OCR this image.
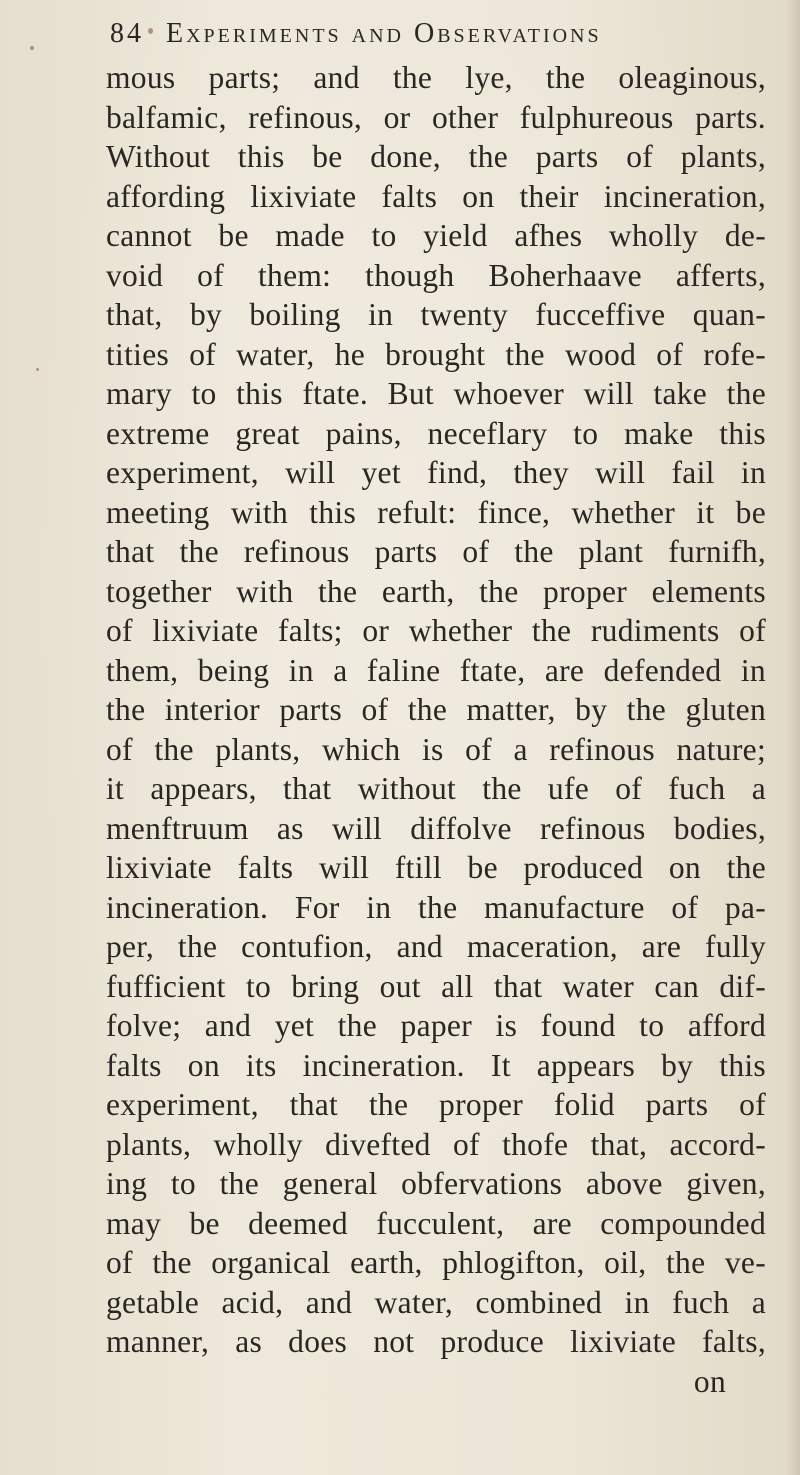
84 Experiments and Observations
mous parts; and the lye, the oleaginous,
balfamic, refinous, or other fulphureous parts.
Without this be done, the parts of plants,
affording lixiviate falts on their incineration,
cannot be made to yield afhes wholly de-
void of them: though Boherhaave afferts,
that, by boiling in twenty fucceffive quan-
tities of water, he brought the wood of rofe-
mary to this ftate. But whoever will take the
extreme great pains, neceflary to make this
experiment, will yet find, they will fail in
meeting with this refult: fince, whether it be
that the refinous parts of the plant furnifh,
together with the earth, the proper elements
of lixiviate falts; or whether the rudiments of
them, being in a faline ftate, are defended in
the interior parts of the matter, by the gluten
of the plants, which is of a refinous nature;
it appears, that without the ufe of fuch a
menftruum as will diffolve refinous bodies,
lixiviate falts will ftill be produced on the
incineration. For in the manufacture of pa-
per, the contufion, and maceration, are fully
fufficient to bring out all that water can dif-
folve; and yet the paper is found to afford
falts on its incineration. It appears by this
experiment, that the proper folid parts of
plants, wholly divefted of thofe that, accord-
ing to the general obfervations above given,
may be deemed fucculent, are compounded
of the organical earth, phlogifton, oil, the ve-
getable acid, and water, combined in fuch a
manner, as does not produce lixiviate falts,
on
